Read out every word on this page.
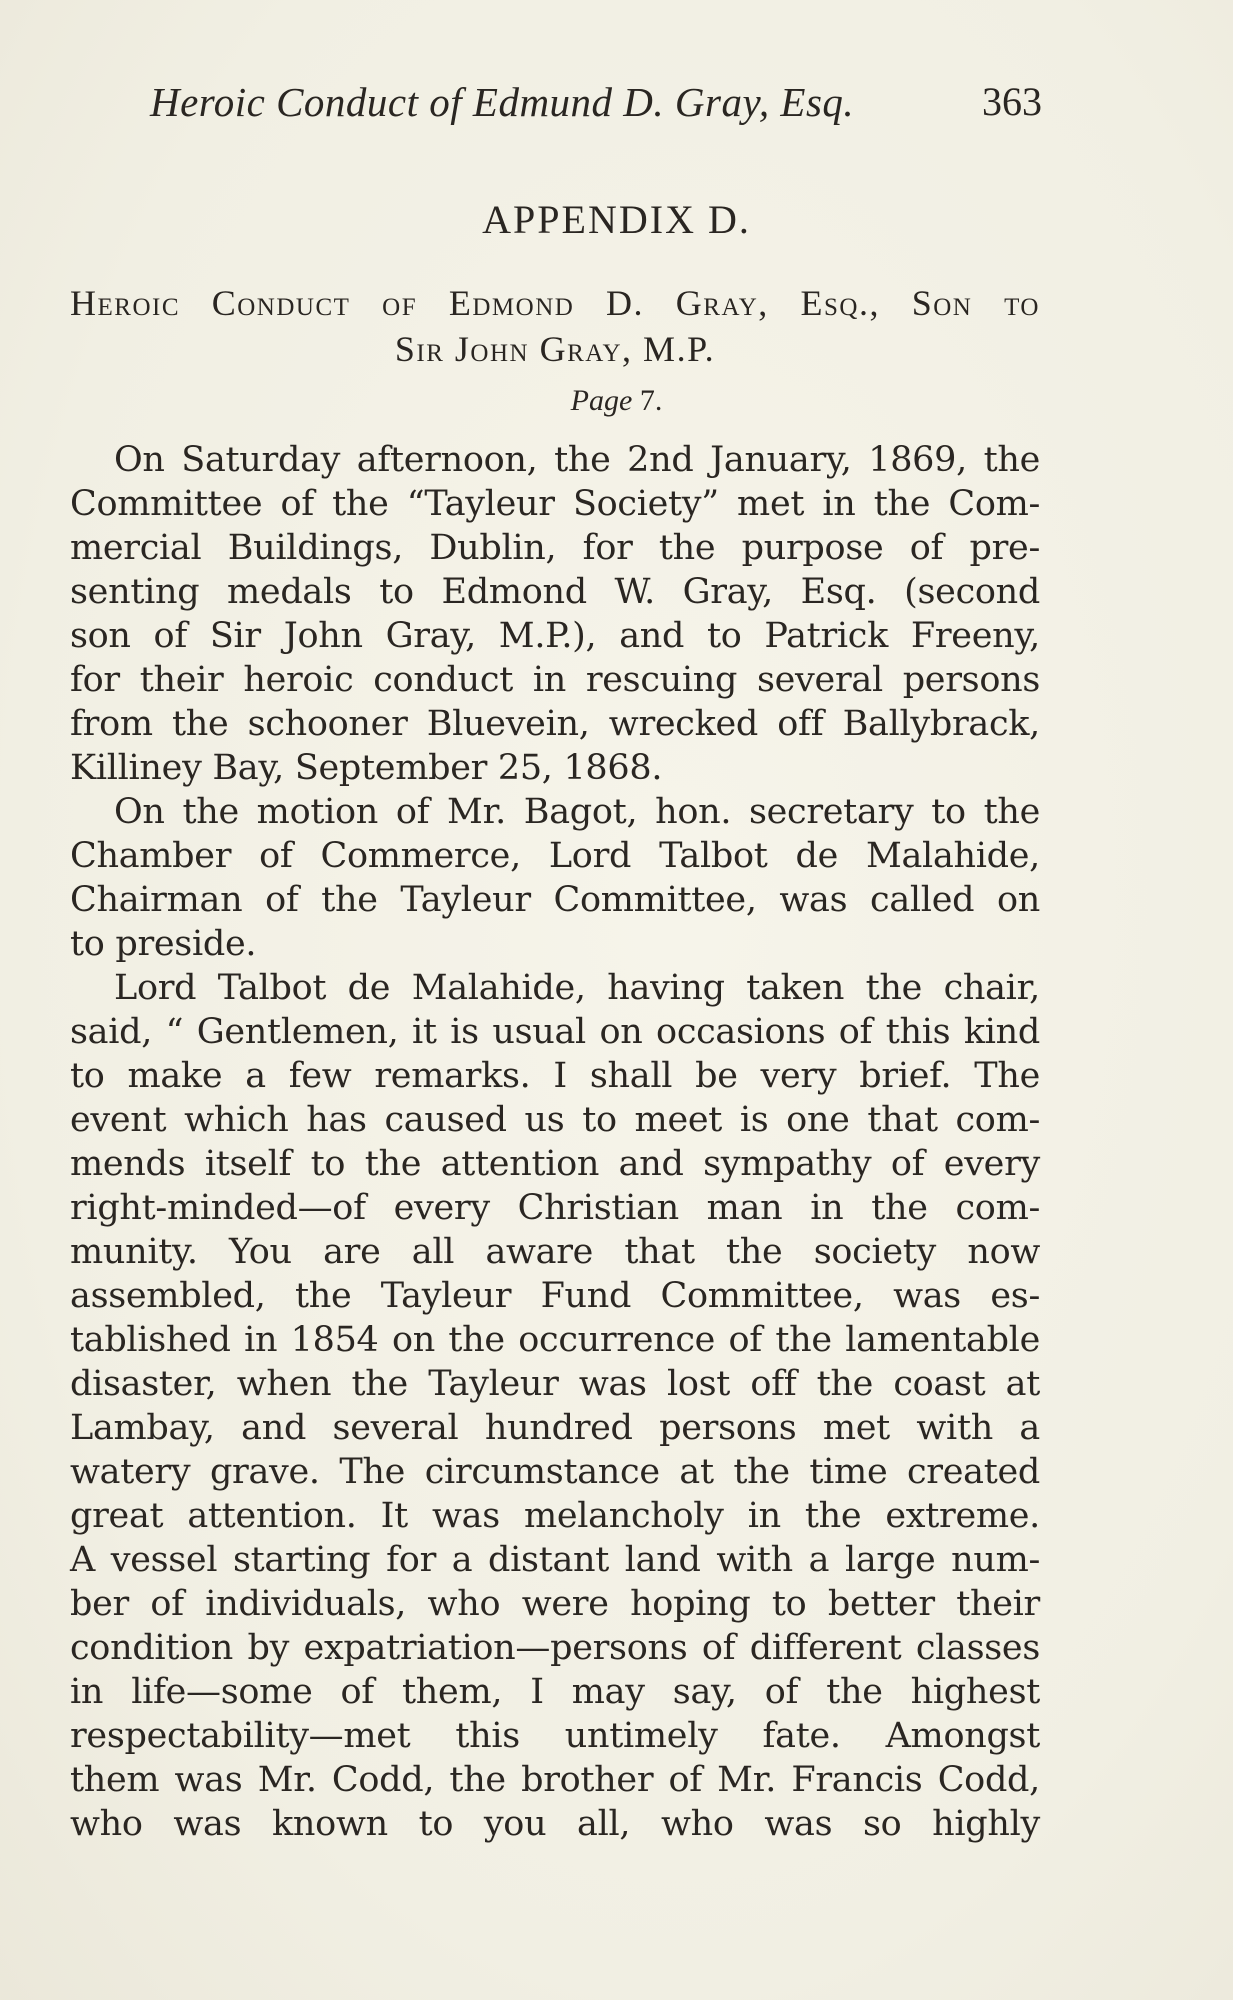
Heroic Conduct of Edmund D. Gray, Esq.	363
APPENDIX D.
Heroic Conduct of Edmond D. Gray, Esq., Son to
Sir John Gray, M.P.
Page 7.
On Saturday afternoon, the 2nd January, 1869, the
Committee of the “Tayleur Society” met in the Com-
mercial Buildings, Dublin, for the purpose of pre-
senting medals to Edmond W. Gray, Esq. (second
son of Sir John Gray, M.P.), and to Patrick Freeny,
for their heroic conduct in rescuing several persons
from the schooner Bluevein, wrecked off Ballybrack,
Killiney Bay, September 25, 1868.
On the motion of Mr. Bagot, hon. secretary to the
Chamber of Commerce, Lord Talbot de Malahide,
Chairman of the Tayleur Committee, was called on
to preside.
Lord Talbot de Malahide, having taken the chair,
said, “ Gentlemen, it is usual on occasions of this kind
to make a few remarks. I shall be very brief. The
event which has caused us to meet is one that com-
mends itself to the attention and sympathy of every
right-minded—of every Christian man in the com-
munity. You are all aware that the society now
assembled, the Tayleur Fund Committee, was es-
tablished in 1854 on the occurrence of the lamentable
disaster, when the Tayleur was lost off the coast at
Lambay, and several hundred persons met with a
watery grave. The circumstance at the time created
great attention. It was melancholy in the extreme.
A vessel starting for a distant land with a large num-
ber of individuals, who were hoping to better their
condition by expatriation—persons of different classes
in life—some of them, I may say, of the highest
respectability—met this untimely fate. Amongst
them was Mr. Codd, the brother of Mr. Francis Codd,
who was known to you all, who was so highly
